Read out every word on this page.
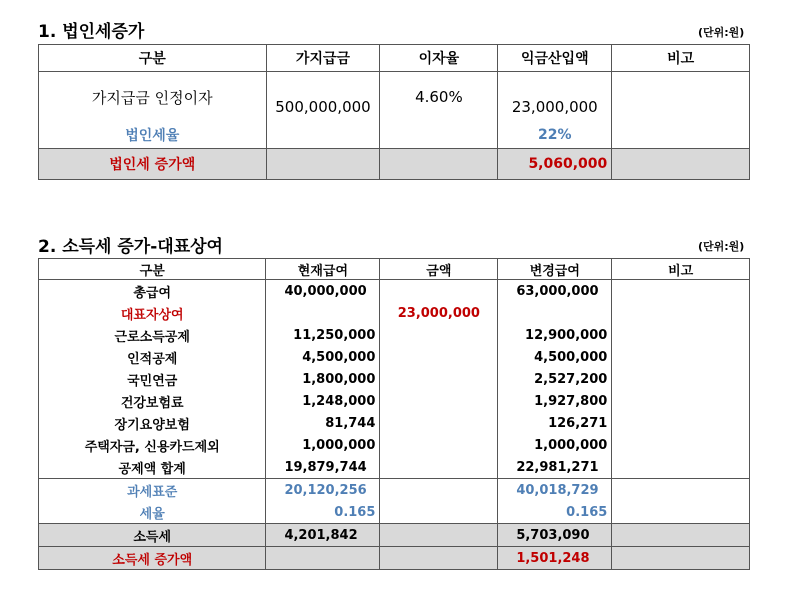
1. 법인세증가	(단위:원)
구분	가지급금	이자율	익금산입액	비고
가지급금 인정이자	500,000,000	4.60%	23,000,000	
법인세율			22%	
법인세 증가액			5,060,000	
2. 소득세 증가-대표상여	(단위:원)
구분	현재급여	금액	변경급여	비고
총급여	40,000,000		63,000,000	
대표자상여		23,000,000		
근로소득공제	11,250,000		12,900,000	
인적공제	4,500,000		4,500,000	
국민연금	1,800,000		2,527,200	
건강보험료	1,248,000		1,927,800	
장기요양보험	81,744		126,271	
주택자금, 신용카드제외	1,000,000		1,000,000	
공제액 합계	19,879,744		22,981,271	
과세표준	20,120,256		40,018,729	
세율	0.165		0.165	
소득세	4,201,842		5,703,090	
소득세 증가액			1,501,248	
